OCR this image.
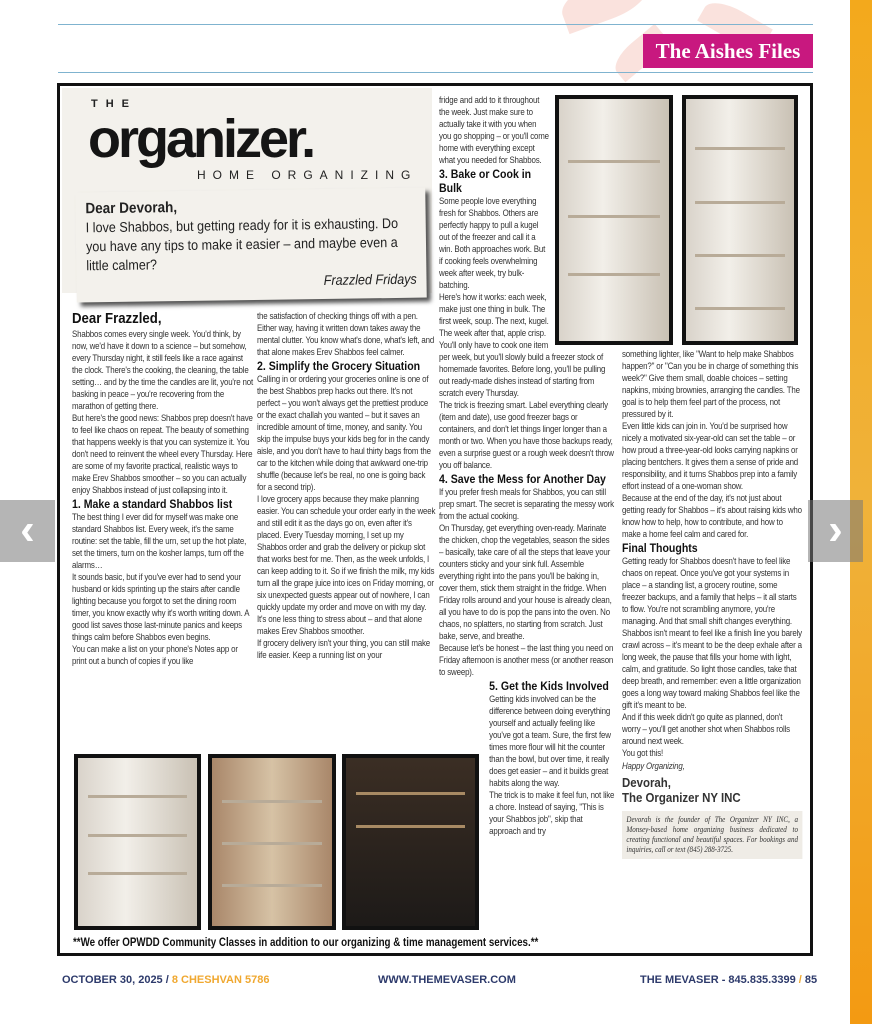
The Aishes Files
THE
organizer.
HOME ORGANIZING
Dear Devorah,

I love Shabbos, but getting ready for it is exhausting. Do you have any tips to make it easier – and maybe even a little calmer?

Frazzled Fridays
Dear Frazzled,

Shabbos comes every single week. You'd think, by now, we'd have it down to a science – but somehow, every Thursday night, it still feels like a race against the clock. There's the cooking, the cleaning, the table setting… and by the time the candles are lit, you're not basking in peace – you're recovering from the marathon of getting there.

But here's the good news: Shabbos prep doesn't have to feel like chaos on repeat. The beauty of something that happens weekly is that you can systemize it. You don't need to reinvent the wheel every Thursday. Here are some of my favorite practical, realistic ways to make Erev Shabbos smoother – so you can actually enjoy Shabbos instead of just collapsing into it.

1. Make a standard Shabbos list

The best thing I ever did for myself was make one standard Shabbos list. Every week, it's the same routine: set the table, fill the urn, set up the hot plate, set the timers, turn on the kosher lamps, turn off the alarms…

It sounds basic, but if you've ever had to send your husband or kids sprinting up the stairs after candle lighting because you forgot to set the dining room timer, you know exactly why it's worth writing down. A good list saves those last-minute panics and keeps things calm before Shabbos even begins.

You can make a list on your phone's Notes app or print out a bunch of copies if you like

the satisfaction of checking things off with a pen. Either way, having it written down takes away the mental clutter. You know what's done, what's left, and that alone makes Erev Shabbos feel calmer.

2. Simplify the Grocery Situation

Calling in or ordering your groceries online is one of the best Shabbos prep hacks out there. It's not perfect – you won't always get the prettiest produce or the exact challah you wanted – but it saves an incredible amount of time, money, and sanity. You skip the impulse buys your kids beg for in the candy aisle, and you don't have to haul thirty bags from the car to the kitchen while doing that awkward one-trip shuffle (because let's be real, no one is going back for a second trip).

I love grocery apps because they make planning easier. You can schedule your order early in the week and still edit it as the days go on, even after it's placed. Every Tuesday morning, I set up my Shabbos order and grab the delivery or pickup slot that works best for me. Then, as the week unfolds, I can keep adding to it. So if we finish the milk, my kids turn all the grape juice into ices on Friday morning, or six unexpected guests appear out of nowhere, I can quickly update my order and move on with my day. It's one less thing to stress about – and that alone makes Erev Shabbos smoother.

If grocery delivery isn't your thing, you can still make life easier. Keep a running list on your

fridge and add to it throughout the week. Just make sure to actually take it with you when you go shopping – or you'll come home with everything except what you needed for Shabbos.

3. Bake or Cook in Bulk

Some people love everything fresh for Shabbos. Others are perfectly happy to pull a kugel out of the freezer and call it a win. Both approaches work. But if cooking feels overwhelming week after week, try bulk-batching.

Here's how it works: each week, make just one thing in bulk. The first week, soup. The next, kugel. The week after that, apple crisp. You'll only have to cook one item per week, but you'll slowly build a freezer stock of homemade favorites. Before long, you'll be pulling out ready-made dishes instead of starting from scratch every Thursday.

The trick is freezing smart. Label everything clearly (item and date), use good freezer bags or containers, and don't let things linger longer than a month or two. When you have those backups ready, even a surprise guest or a rough week doesn't throw you off balance.

4. Save the Mess for Another Day

If you prefer fresh meals for Shabbos, you can still prep smart. The secret is separating the messy work from the actual cooking.

On Thursday, get everything oven-ready. Marinate the chicken, chop the vegetables, season the sides – basically, take care of all the steps that leave your counters sticky and your sink full. Assemble everything right into the pans you'll be baking in, cover them, stick them straight in the fridge. When Friday rolls around and your house is already clean, all you have to do is pop the pans into the oven. No chaos, no splatters, no starting from scratch. Just bake, serve, and breathe.

Because let's be honest – the last thing you need on Friday afternoon is another mess (or another reason to sweep).

5. Get the Kids Involved

Getting kids involved can be the difference between doing everything yourself and actually feeling like you've got a team. Sure, the first few times more flour will hit the counter than the bowl, but over time, it really does get easier – and it builds great habits along the way.

The trick is to make it feel fun, not like a chore. Instead of saying, "This is your Shabbos job", skip that approach and try

something lighter, like "Want to help make Shabbos happen?" or "Can you be in charge of something this week?" Give them small, doable choices – setting napkins, mixing brownies, arranging the candles. The goal is to help them feel part of the process, not pressured by it.

Even little kids can join in. You'd be surprised how nicely a motivated six-year-old can set the table – or how proud a three-year-old looks carrying napkins or placing bentchers. It gives them a sense of pride and responsibility, and it turns Shabbos prep into a family effort instead of a one-woman show.

Because at the end of the day, it's not just about getting ready for Shabbos – it's about raising kids who know how to help, how to contribute, and how to make a home feel calm and cared for.

Final Thoughts

Getting ready for Shabbos doesn't have to feel like chaos on repeat. Once you've got your systems in place – a standing list, a grocery routine, some freezer backups, and a family that helps – it all starts to flow. You're not scrambling anymore, you're managing. And that small shift changes everything.

Shabbos isn't meant to feel like a finish line you barely crawl across – it's meant to be the deep exhale after a long week, the pause that fills your home with light, calm, and gratitude. So light those candles, take that deep breath, and remember: even a little organization goes a long way toward making Shabbos feel like the gift it's meant to be.

And if this week didn't go quite as planned, don't worry – you'll get another shot when Shabbos rolls around next week.

You got this!

Happy Organizing,
Devorah,
The Organizer NY INC
Devorah is the founder of The Organizer NY INC, a Monsey-based home organizing business dedicated to creating functional and beautiful spaces. For bookings and inquiries, call or text (845) 288-3725.
**We offer OPWDD Community Classes in addition to our organizing & time management services.**
OCTOBER 30, 2025 / 8 CHESHVAN 5786	WWW.THEMEVASER.COM	THE MEVASER - 845.835.3399 / 85
‹	›
